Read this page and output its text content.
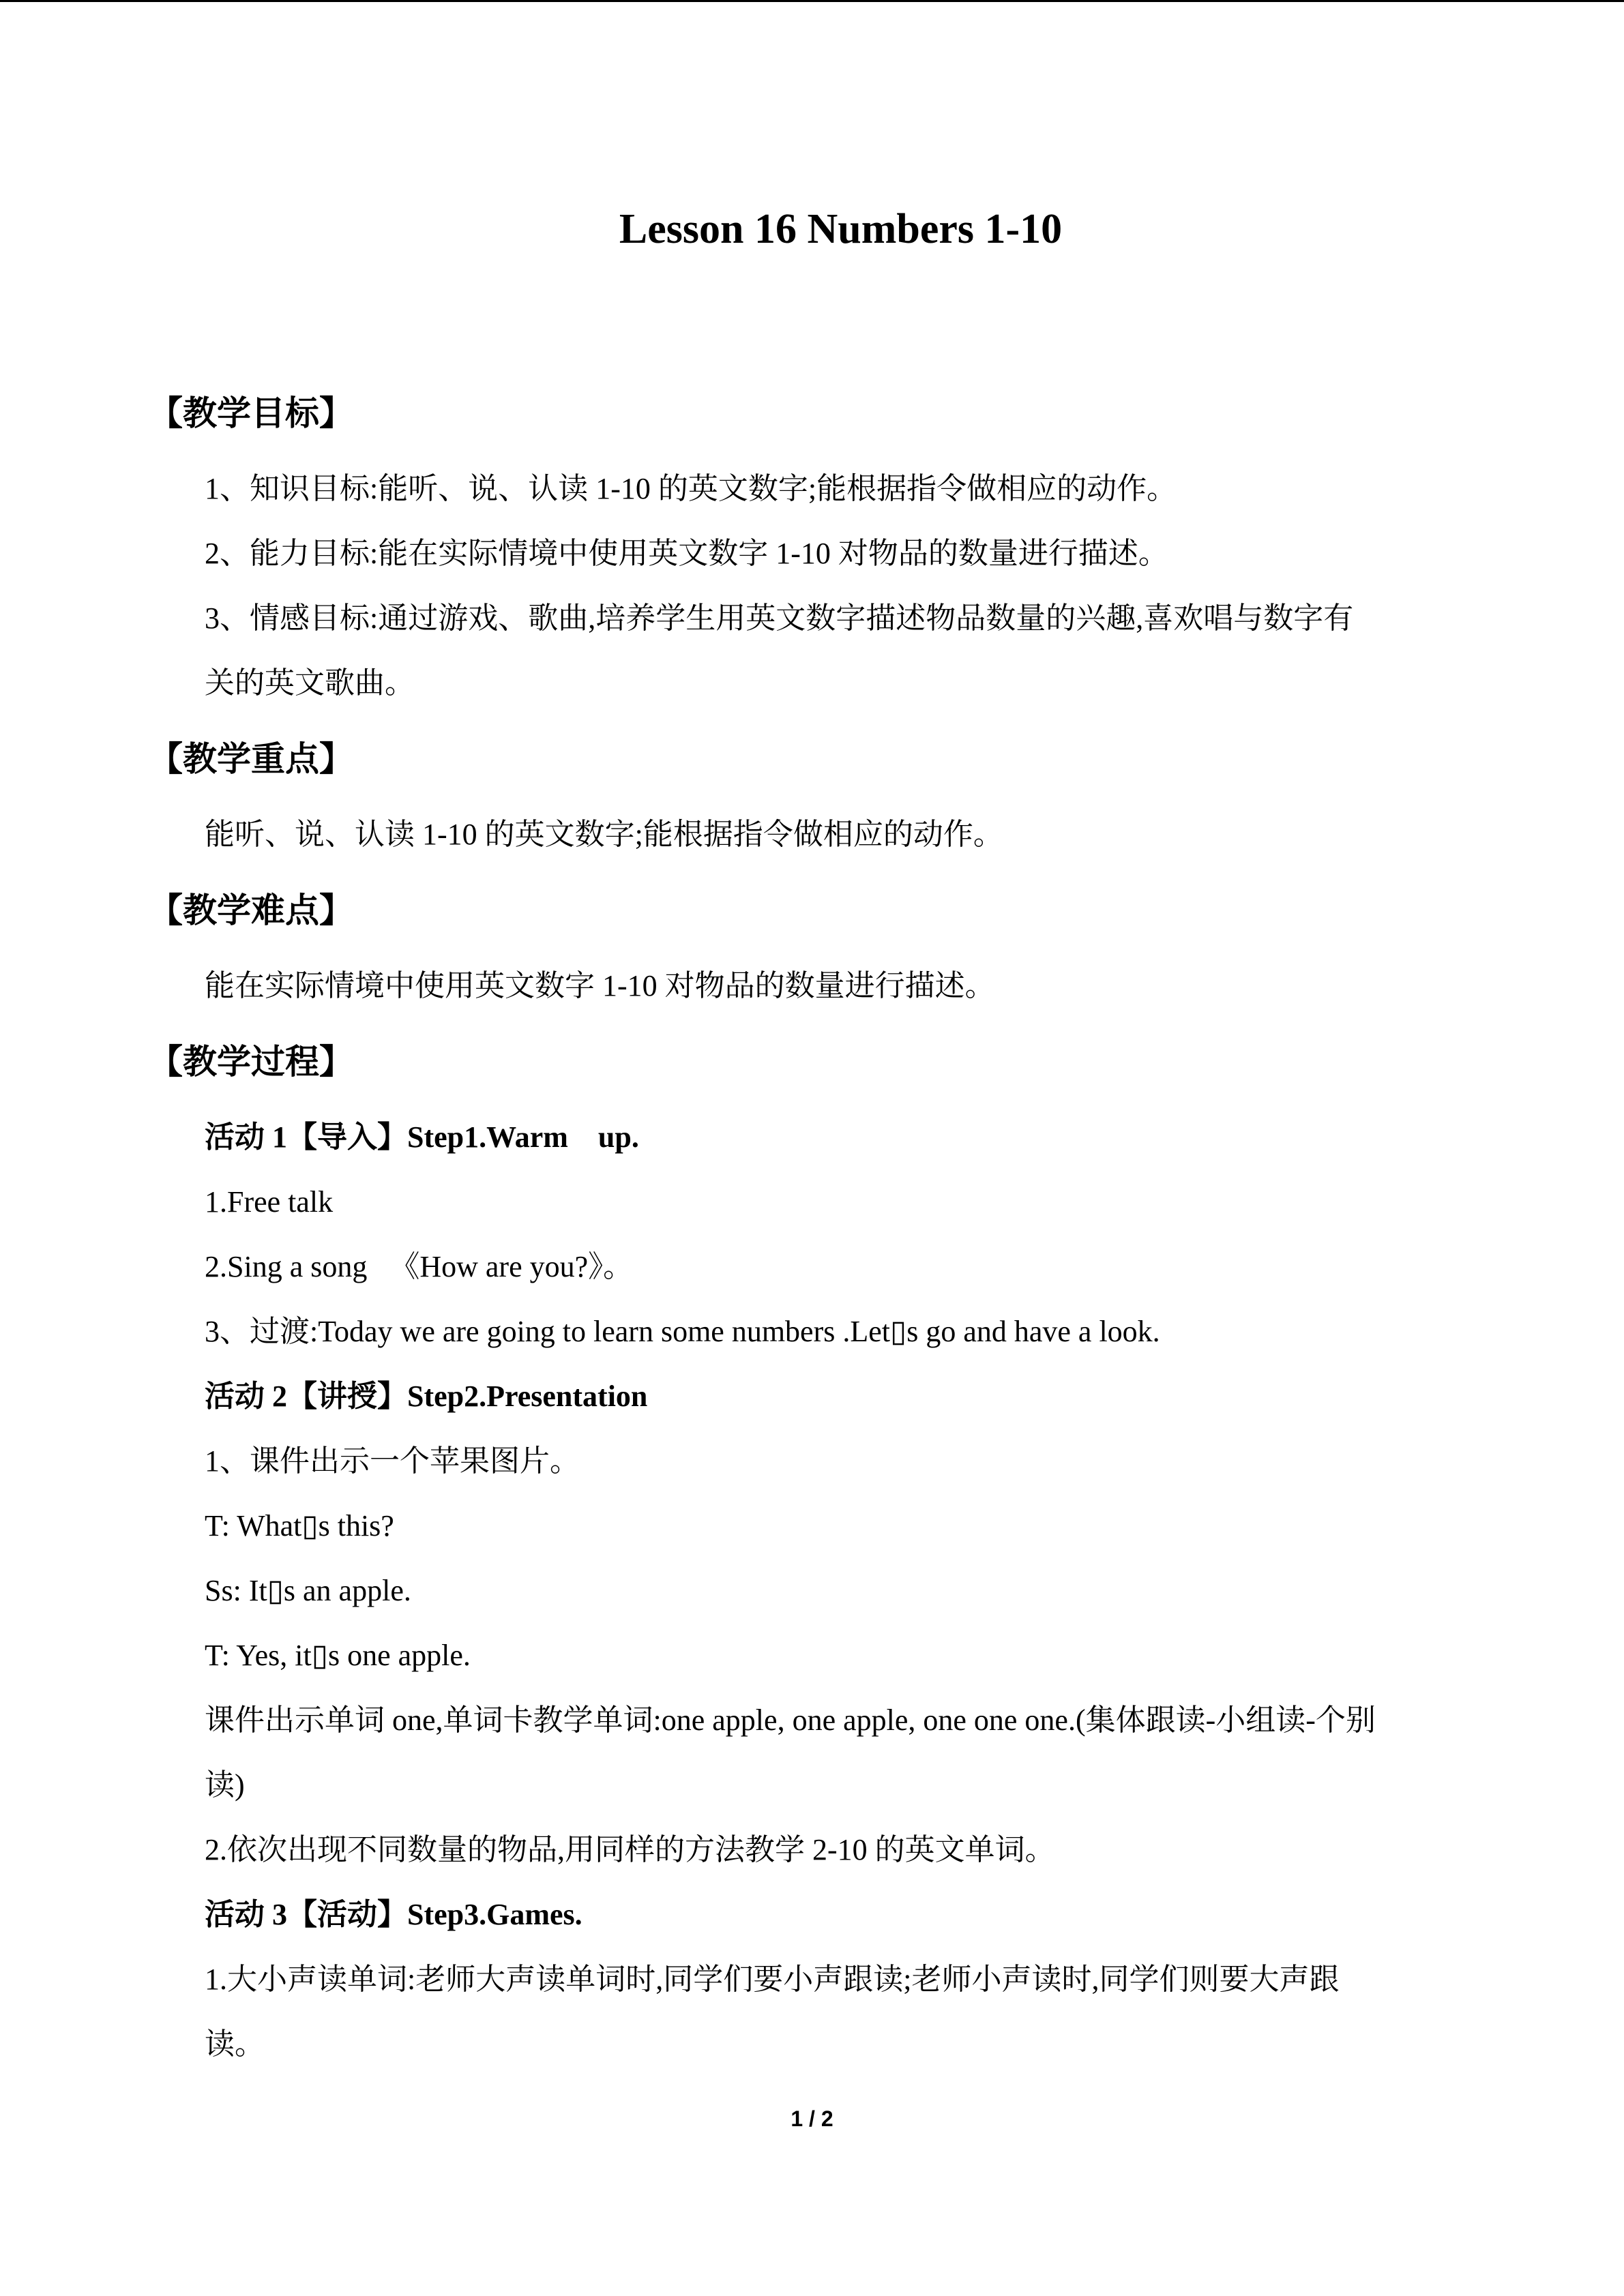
Lesson 16 Numbers 1-10
【教学目标】
1、知识目标:能听、说、认读 1-10 的英文数字;能根据指令做相应的动作。
2、能力目标:能在实际情境中使用英文数字 1-10 对物品的数量进行描述。
3、情感目标:通过游戏、歌曲,培养学生用英文数字描述物品数量的兴趣,喜欢唱与数字有
关的英文歌曲。
【教学重点】
能听、说、认读 1-10 的英文数字;能根据指令做相应的动作。
【教学难点】
能在实际情境中使用英文数字 1-10 对物品的数量进行描述。
【教学过程】
活动 1【导入】Step1.Warm    up.
1.Free talk
2.Sing a song   《How are you?》。
3、过渡:Today we are going to learn some numbers .Let▯s go and have a look.
活动 2【讲授】Step2.Presentation
1、课件出示一个苹果图片。
T: What▯s this?
Ss: It▯s an apple.
T: Yes, it▯s one apple.
课件出示单词 one,单词卡教学单词:one apple, one apple, one one one.(集体跟读-小组读-个别
读)
2.依次出现不同数量的物品,用同样的方法教学 2-10 的英文单词。
活动 3【活动】Step3.Games.
1.大小声读单词:老师大声读单词时,同学们要小声跟读;老师小声读时,同学们则要大声跟
读。
1 / 2
